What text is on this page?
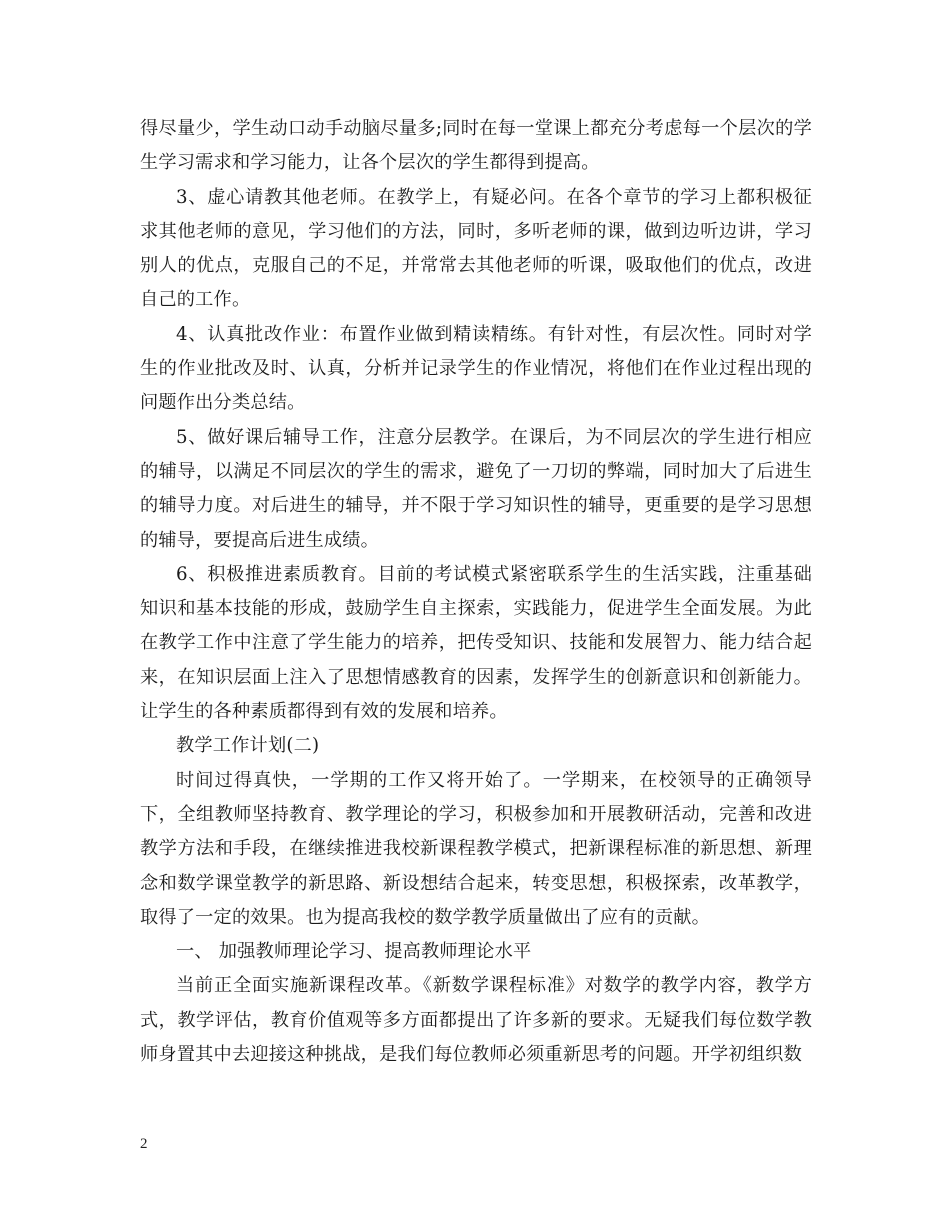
得尽量少，学生动口动手动脑尽量多;同时在每一堂课上都充分考虑每一个层次的学生学习需求和学习能力，让各个层次的学生都得到提高。

3、虚心请教其他老师。在教学上，有疑必问。在各个章节的学习上都积极征求其他老师的意见，学习他们的方法，同时，多听老师的课，做到边听边讲，学习别人的优点，克服自己的不足，并常常去其他老师的听课，吸取他们的优点，改进自己的工作。

4、认真批改作业：布置作业做到精读精练。有针对性，有层次性。同时对学生的作业批改及时、认真，分析并记录学生的作业情况，将他们在作业过程出现的问题作出分类总结。

5、做好课后辅导工作，注意分层教学。在课后，为不同层次的学生进行相应的辅导，以满足不同层次的学生的需求，避免了一刀切的弊端，同时加大了后进生的辅导力度。对后进生的辅导，并不限于学习知识性的辅导，更重要的是学习思想的辅导，要提高后进生成绩。

6、积极推进素质教育。目前的考试模式紧密联系学生的生活实践，注重基础知识和基本技能的形成，鼓励学生自主探索，实践能力，促进学生全面发展。为此在教学工作中注意了学生能力的培养，把传受知识、技能和发展智力、能力结合起来，在知识层面上注入了思想情感教育的因素，发挥学生的创新意识和创新能力。让学生的各种素质都得到有效的发展和培养。

教学工作计划(二)

时间过得真快，一学期的工作又将开始了。一学期来，在校领导的正确领导下，全组教师坚持教育、教学理论的学习，积极参加和开展教研活动，完善和改进教学方法和手段，在继续推进我校新课程教学模式，把新课程标准的新思想、新理念和数学课堂教学的新思路、新设想结合起来，转变思想，积极探索，改革教学，取得了一定的效果。也为提高我校的数学教学质量做出了应有的贡献。

一、 加强教师理论学习、提高教师理论水平

当前正全面实施新课程改革。《新数学课程标准》对数学的教学内容，教学方式，教学评估，教育价值观等多方面都提出了许多新的要求。无疑我们每位数学教师身置其中去迎接这种挑战，是我们每位教师必须重新思考的问题。开学初组织数

2
